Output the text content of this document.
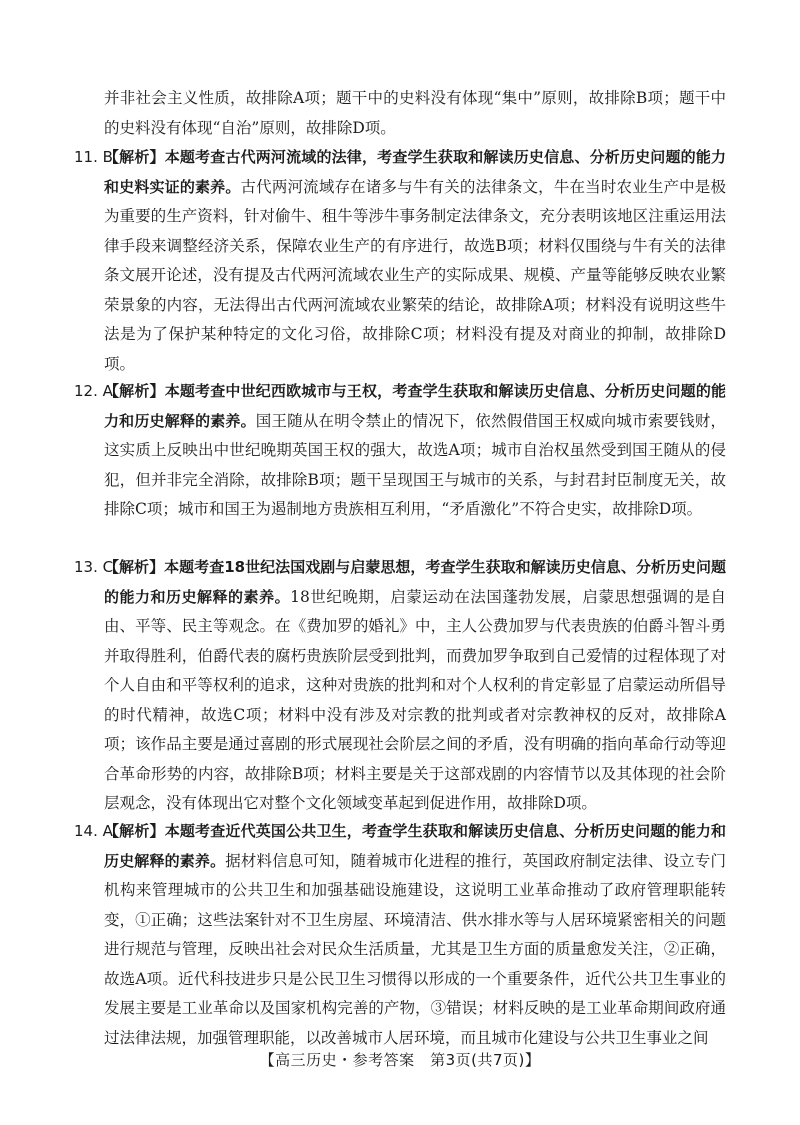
并非社会主义性质，故排除A项；题干中的史料没有体现“集中”原则，故排除B项；题干中的史料没有体现“自治”原则，故排除D项。
11. B
【解析】本题考查古代两河流域的法律，考查学生获取和解读历史信息、分析历史问题的能力和史料实证的素养。古代两河流域存在诸多与牛有关的法律条文，牛在当时农业生产中是极为重要的生产资料，针对偷牛、租牛等涉牛事务制定法律条文，充分表明该地区注重运用法律手段来调整经济关系，保障农业生产的有序进行，故选B项；材料仅围绕与牛有关的法律条文展开论述，没有提及古代两河流域农业生产的实际成果、规模、产量等能够反映农业繁荣景象的内容，无法得出古代两河流域农业繁荣的结论，故排除A项；材料没有说明这些牛法是为了保护某种特定的文化习俗，故排除C项；材料没有提及对商业的抑制，故排除D项。
12. A
【解析】本题考查中世纪西欧城市与王权，考查学生获取和解读历史信息、分析历史问题的能力和历史解释的素养。国王随从在明令禁止的情况下，依然假借国王权威向城市索要钱财，这实质上反映出中世纪晚期英国王权的强大，故选A项；城市自治权虽然受到国王随从的侵犯，但并非完全消除，故排除B项；题干呈现国王与城市的关系，与封君封臣制度无关，故排除C项；城市和国王为遏制地方贵族相互利用，“矛盾激化”不符合史实，故排除D项。
13. C
【解析】本题考查18世纪法国戏剧与启蒙思想，考查学生获取和解读历史信息、分析历史问题的能力和历史解释的素养。18世纪晚期，启蒙运动在法国蓬勃发展，启蒙思想强调的是自由、平等、民主等观念。在《费加罗的婚礼》中，主人公费加罗与代表贵族的伯爵斗智斗勇并取得胜利，伯爵代表的腐朽贵族阶层受到批判，而费加罗争取到自己爱情的过程体现了对个人自由和平等权利的追求，这种对贵族的批判和对个人权利的肯定彰显了启蒙运动所倡导的时代精神，故选C项；材料中没有涉及对宗教的批判或者对宗教神权的反对，故排除A项；该作品主要是通过喜剧的形式展现社会阶层之间的矛盾，没有明确的指向革命行动等迎合革命形势的内容，故排除B项；材料主要是关于这部戏剧的内容情节以及其体现的社会阶层观念，没有体现出它对整个文化领域变革起到促进作用，故排除D项。
14. A
【解析】本题考查近代英国公共卫生，考查学生获取和解读历史信息、分析历史问题的能力和历史解释的素养。据材料信息可知，随着城市化进程的推行，英国政府制定法律、设立专门机构来管理城市的公共卫生和加强基础设施建设，这说明工业革命推动了政府管理职能转变，①正确；这些法案针对不卫生房屋、环境清洁、供水排水等与人居环境紧密相关的问题进行规范与管理，反映出社会对民众生活质量，尤其是卫生方面的质量愈发关注，②正确，故选A项。近代科技进步只是公民卫生习惯得以形成的一个重要条件，近代公共卫生事业的发展主要是工业革命以及国家机构完善的产物，③错误；材料反映的是工业革命期间政府通过法律法规，加强管理职能，以改善城市人居环境，而且城市化建设与公共卫生事业之间
【高三历史・参考答案　第3页(共7页)】
